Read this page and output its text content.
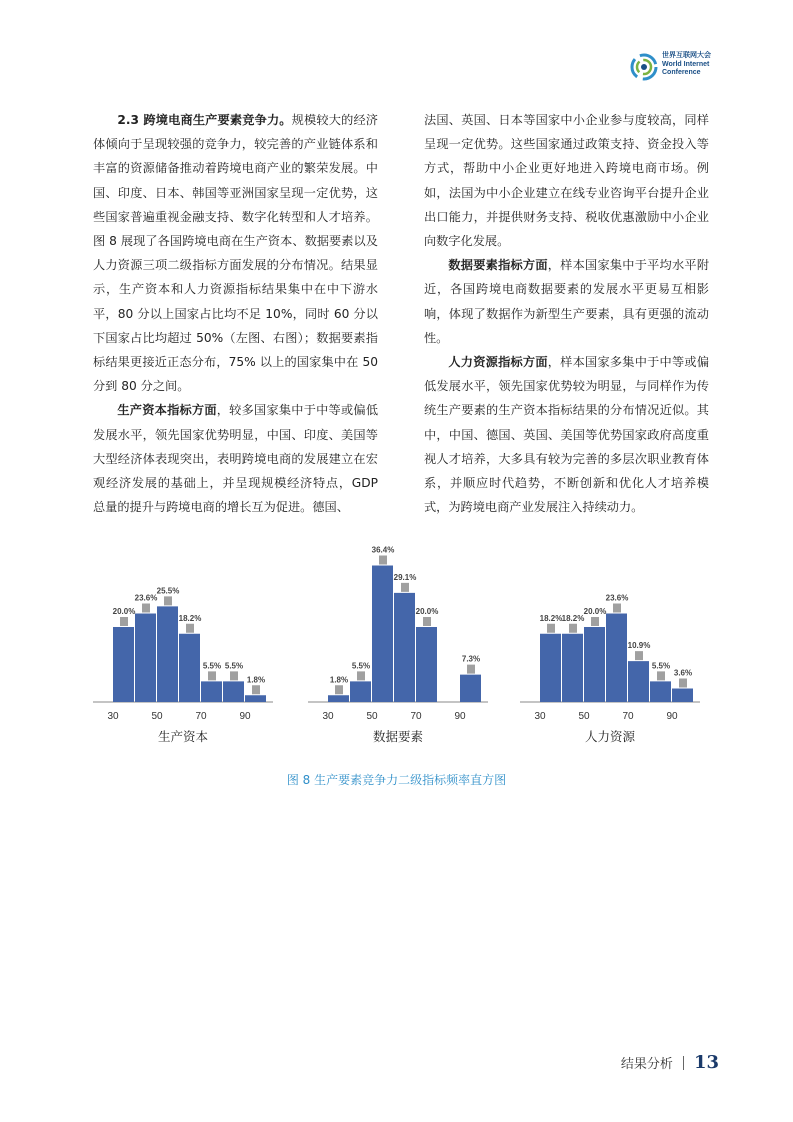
世界互联网大会
World Internet
Conference

2.3 跨境电商生产要素竞争力。规模较大的经济体倾向于呈现较强的竞争力，较完善的产业链体系和丰富的资源储备推动着跨境电商产业的繁荣发展。中国、印度、日本、韩国等亚洲国家呈现一定优势，这些国家普遍重视金融支持、数字化转型和人才培养。图 8 展现了各国跨境电商在生产资本、数据要素以及人力资源三项二级指标方面发展的分布情况。结果显示，生产资本和人力资源指标结果集中在中下游水平，80 分以上国家占比均不足 10%，同时 60 分以下国家占比均超过 50%（左图、右图）；数据要素指标结果更接近正态分布，75% 以上的国家集中在 50 分到 80 分之间。

生产资本指标方面，较多国家集中于中等或偏低发展水平，领先国家优势明显，中国、印度、美国等大型经济体表现突出，表明跨境电商的发展建立在宏观经济发展的基础上，并呈现规模经济特点，GDP 总量的提升与跨境电商的增长互为促进。德国、

法国、英国、日本等国家中小企业参与度较高，同样呈现一定优势。这些国家通过政策支持、资金投入等方式，帮助中小企业更好地进入跨境电商市场。例如，法国为中小企业建立在线专业咨询平台提升企业出口能力，并提供财务支持、税收优惠激励中小企业向数字化发展。

数据要素指标方面，样本国家集中于平均水平附近，各国跨境电商数据要素的发展水平更易互相影响，体现了数据作为新型生产要素，具有更强的流动性。

人力资源指标方面，样本国家多集中于中等或偏低发展水平，领先国家优势较为明显，与同样作为传统生产要素的生产资本指标结果的分布情况近似。其中，中国、德国、英国、美国等优势国家政府高度重视人才培养，大多具有较为完善的多层次职业教育体系，并顺应时代趋势，不断创新和优化人才培养模式，为跨境电商产业发展注入持续动力。

20.0%
23.6%
25.5%
18.2%
5.5% 5.5%
1.8%
30	50	70	90
生产资本
1.8%
5.5%
36.4%
29.1%
20.0%
7.3%
30	50	70	90
数据要素
18.2% 18.2%
20.0%
23.6%
10.9%
5.5%
3.6%
30	50	70	90
人力资源
图 8 生产要素竞争力二级指标频率直方图
结果分析 13
